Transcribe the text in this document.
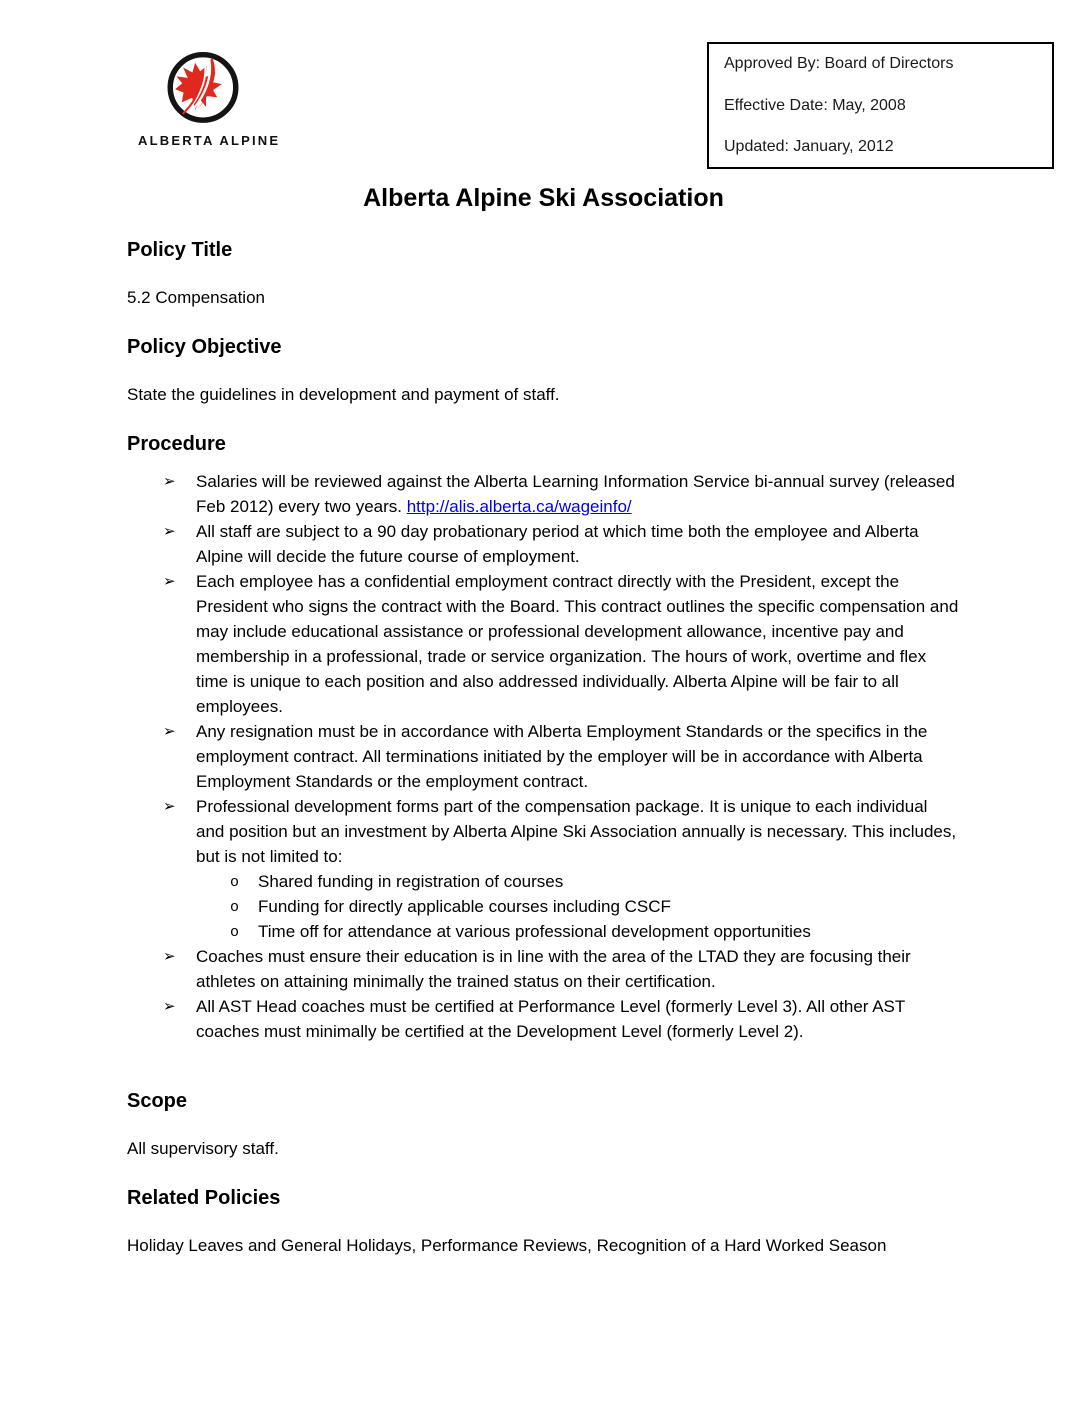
ALBERTA ALPINE
Approved By: Board of Directors
Effective Date: May, 2008
Updated: January, 2012
Alberta Alpine Ski Association
Policy Title

5.2 Compensation

Policy Objective

State the guidelines in development and payment of staff.

Procedure
➢ Salaries will be reviewed against the Alberta Learning Information Service bi-annual survey (released Feb 2012) every two years. http://alis.alberta.ca/wageinfo/
➢ All staff are subject to a 90 day probationary period at which time both the employee and Alberta Alpine will decide the future course of employment.
➢ Each employee has a confidential employment contract directly with the President, except the President who signs the contract with the Board. This contract outlines the specific compensation and may include educational assistance or professional development allowance, incentive pay and membership in a professional, trade or service organization. The hours of work, overtime and flex time is unique to each position and also addressed individually. Alberta Alpine will be fair to all employees.
➢ Any resignation must be in accordance with Alberta Employment Standards or the specifics in the employment contract. All terminations initiated by the employer will be in accordance with Alberta Employment Standards or the employment contract.
➢ Professional development forms part of the compensation package. It is unique to each individual and position but an investment by Alberta Alpine Ski Association annually is necessary. This includes, but is not limited to:
o Shared funding in registration of courses
o Funding for directly applicable courses including CSCF
o Time off for attendance at various professional development opportunities
➢ Coaches must ensure their education is in line with the area of the LTAD they are focusing their athletes on attaining minimally the trained status on their certification.
➢ All AST Head coaches must be certified at Performance Level (formerly Level 3). All other AST coaches must minimally be certified at the Development Level (formerly Level 2).
Scope

All supervisory staff.

Related Policies

Holiday Leaves and General Holidays, Performance Reviews, Recognition of a Hard Worked Season
